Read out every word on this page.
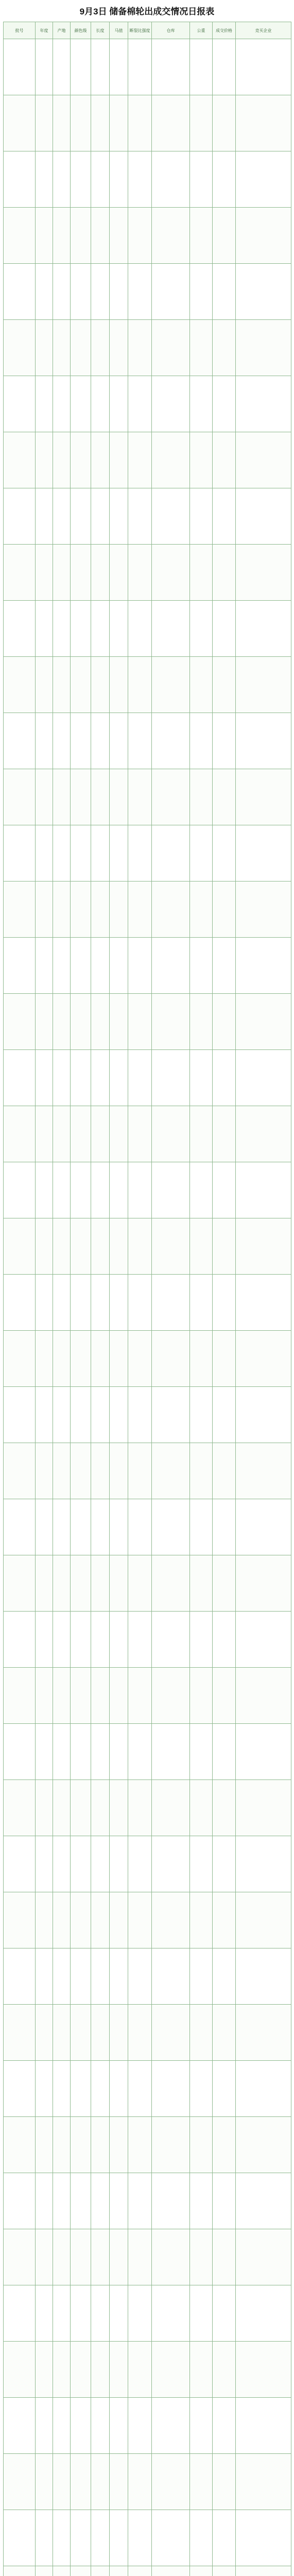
9月3日 储备棉轮出成交情况日报表
批号	年度	产地	颜色级	长度	马值	断裂比强度	仓库	公重	成交价格	竞买企业
